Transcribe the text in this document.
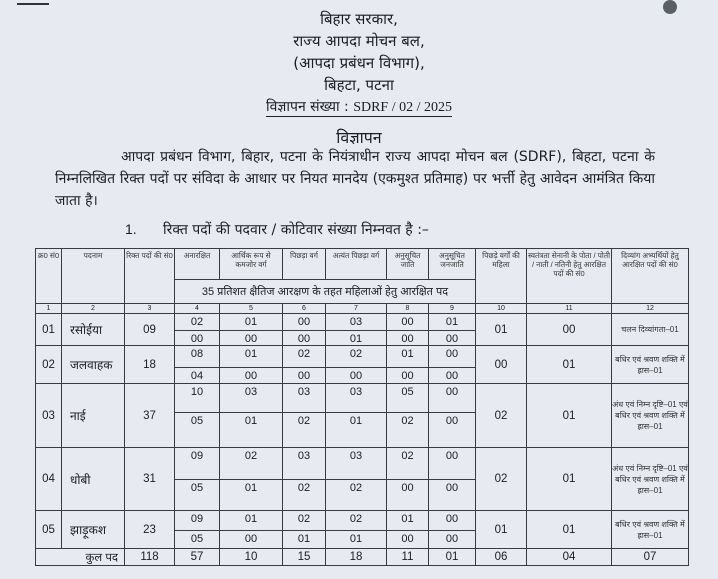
बिहार सरकार,
राज्य आपदा मोचन बल,
(आपदा प्रबंधन विभाग),
बिहटा, पटना
विज्ञापन संख्या : SDRF / 02 / 2025
विज्ञापन
आपदा प्रबंधन विभाग, बिहार, पटना के नियंत्राधीन राज्य आपदा मोचन बल (SDRF), बिहटा, पटना के निम्नलिखित रिक्त पदों पर संविदा के आधार पर नियत मानदेय (एकमुश्त प्रतिमाह) पर भर्त्ती हेतु आवेदन आमंत्रित किया जाता है।
1. रिक्त पदों की पदवार / कोटिवार संख्या निम्नवत है :–
क्र0 सं0	पदनाम	रिक्त पदों की सं0	अनारक्षित	आर्थिक रूप से कमजोर वर्ग	पिछड़ा वर्ग	अत्यंत पिछड़ा वर्ग	अनुसूचित जाति	अनुसूचित जनजाति	पिछड़े वर्गों की महिला	स्वतंत्रता सेनानी के पोता / पोती / नाती / नतिनी हेतु आरक्षित पदों की सं0	दिव्यांग अभ्यर्थियों हेतु आरक्षित पदों की सं0
			35 प्रतिशत क्षैतिज आरक्षण के तहत महिलाओं हेतु आरक्षित पद								
1	2	3	4	5	6	7	8	9	10	11	12
01	रसोईया	09	02	01	00	03	00	01	01	00	चलन दिव्यांगता–01
			00	00	00	01	00	00			
02	जलवाहक	18	08	01	02	02	01	00	00	01	बधिर एवं श्रवण शक्ति में ह्रास–01
			04	00	00	00	00	00			
03	नाई	37	10	03	03	03	05	00	02	01	अंध एवं निम्न दृष्टि–01 एवं बधिर एवं श्रवण शक्ति में ह्रास–01
			05	01	02	01	02	00			
04	धोबी	31	09	02	03	03	02	00	02	01	अंध एवं निम्न दृष्टि–01 एवं बधिर एवं श्रवण शक्ति में ह्रास–01
			05	01	02	02	00	00			
05	झाड़ूकश	23	09	01	02	02	01	00	01	01	बधिर एवं श्रवण शक्ति में ह्रास–01
			05	00	01	01	00	00			
कुल पद		118	57	10	15	18	11	01	06	04	07
